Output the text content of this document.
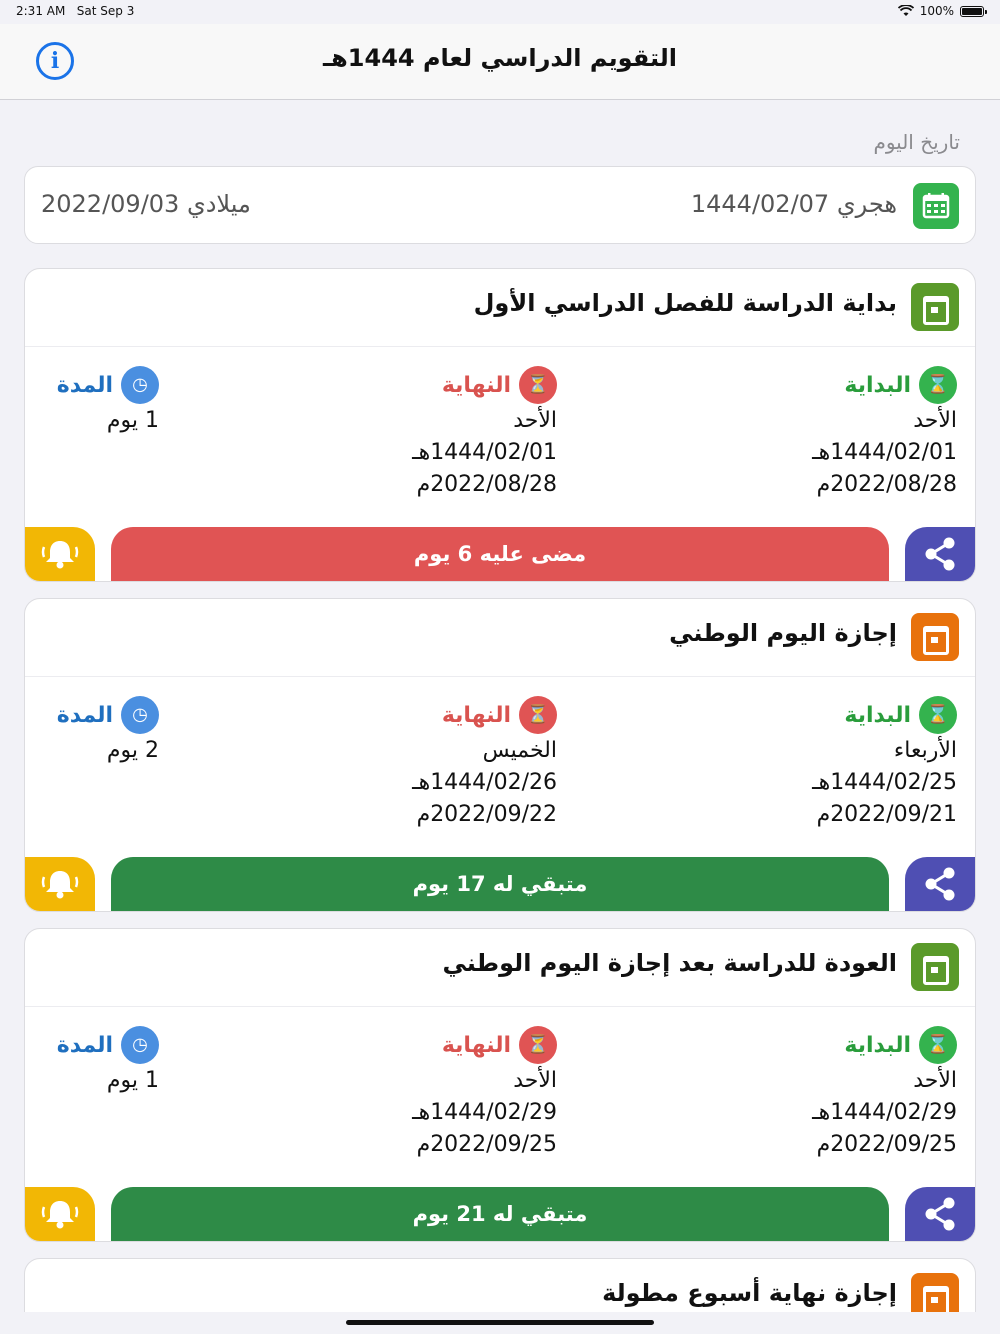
2:31 AM Sat Sep 3	100%
i	التقويم الدراسي لعام 1444هـ
تاريخ اليوم
هجري 1444/02/07
ميلادي 2022/09/03
بداية الدراسة للفصل الدراسي الأول
⌛
البداية
الأحد
1444/02/01هـ
2022/08/28م
⏳
النهاية
الأحد
1444/02/01هـ
2022/08/28م
◷
المدة
1 يوم
مضى عليه 6 يوم
إجازة اليوم الوطني
⌛
البداية
الأربعاء
1444/02/25هـ
2022/09/21م
⏳
النهاية
الخميس
1444/02/26هـ
2022/09/22م
◷
المدة
2 يوم
متبقي له 17 يوم
العودة للدراسة بعد إجازة اليوم الوطني
⌛
البداية
الأحد
1444/02/29هـ
2022/09/25م
⏳
النهاية
الأحد
1444/02/29هـ
2022/09/25م
◷
المدة
1 يوم
متبقي له 21 يوم
إجازة نهاية أسبوع مطولة
